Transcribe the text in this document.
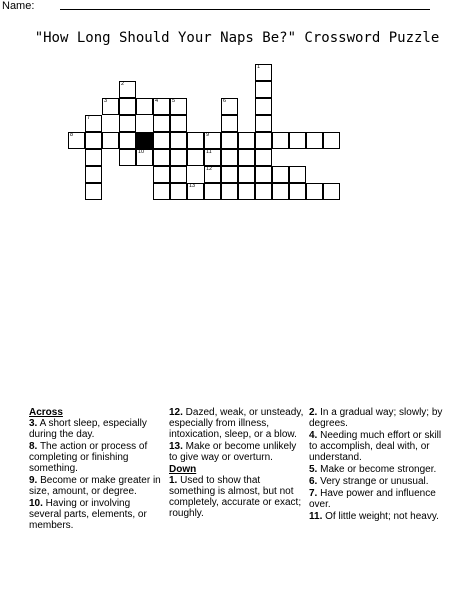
Name:
"How Long Should Your Naps Be?" Crossword Puzzle
8	9
3
10	11
12
13
1
2
4	5	6
7
Across
3. A short sleep, especially during the day.
8. The action or process of completing or finishing something.
9. Become or make greater in size, amount, or degree.
10. Having or involving several parts, elements, or members.
12. Dazed, weak, or unsteady, especially from illness, intoxication, sleep, or a blow.
13. Make or become unlikely to give way or overturn.
Down
1. Used to show that something is almost, but not completely, accurate or exact; roughly.
2. In a gradual way; slowly; by degrees.
4. Needing much effort or skill to accomplish, deal with, or understand.
5. Make or become stronger.
6. Very strange or unusual.
7. Have power and influence over.
11. Of little weight; not heavy.
